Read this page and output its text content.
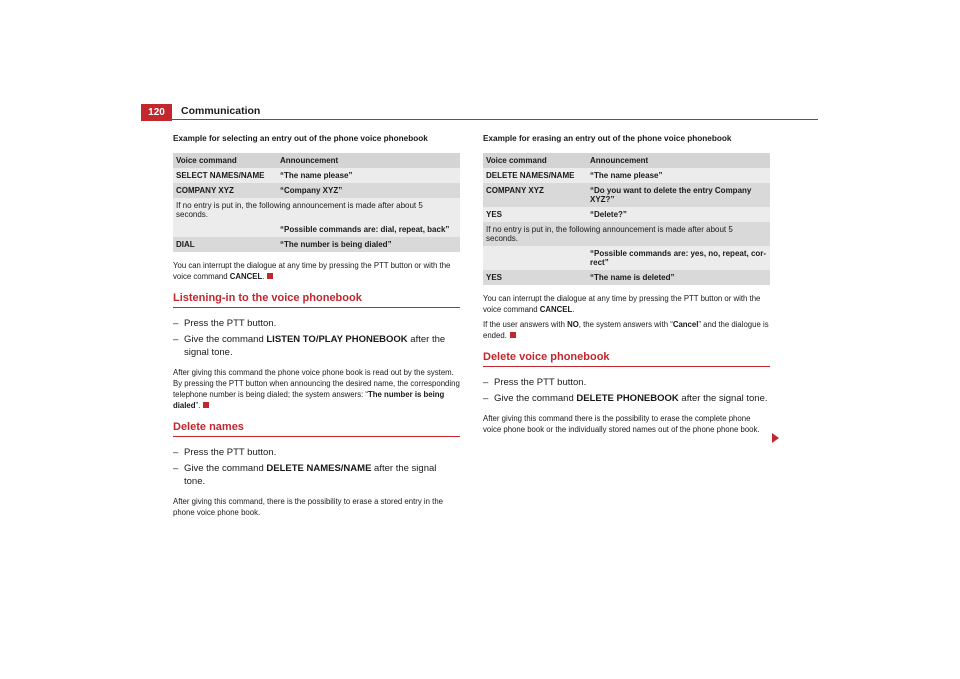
120	Communication
Example for selecting an entry out of the phone voice phonebook
Voice command	Announcement
SELECT NAMES/NAME	“The name please”
COMPANY XYZ	“Company XYZ”
If no entry is put in, the following announcement is made after about 5 seconds.	
	“Possible commands are: dial, repeat, back”
DIAL	“The number is being dialed”

You can interrupt the dialogue at any time by pressing the PTT button or with the voice command CANCEL.

Listening-in to the voice phonebook
– Press the PTT button.
– Give the command LISTEN TO/PLAY PHONEBOOK after the signal tone.

After giving this command the phone voice phone book is read out by the system. By pressing the PTT button when announcing the desired name, the corresponding telephone number is being dialed; the system answers: “The number is being dialed”.

Delete names
– Press the PTT button.
– Give the command DELETE NAMES/NAME after the signal tone.

After giving this command, there is the possibility to erase a stored entry in the phone voice phone book.

Example for erasing an entry out of the phone voice phonebook
Voice command	Announcement
DELETE NAMES/NAME	“The name please”
COMPANY XYZ	“Do you want to delete the entry Company XYZ?”
YES	“Delete?”
If no entry is put in, the following announcement is made after about 5 seconds.	
	“Possible commands are: yes, no, repeat, cor-rect”
YES	“The name is deleted”

You can interrupt the dialogue at any time by pressing the PTT button or with the voice command CANCEL.

If the user answers with NO, the system answers with “Cancel” and the dialogue is ended.

Delete voice phonebook
– Press the PTT button.
– Give the command DELETE PHONEBOOK after the signal tone.

After giving this command there is the possibility to erase the complete phone voice phone book or the individually stored names out of the phone phone book.
